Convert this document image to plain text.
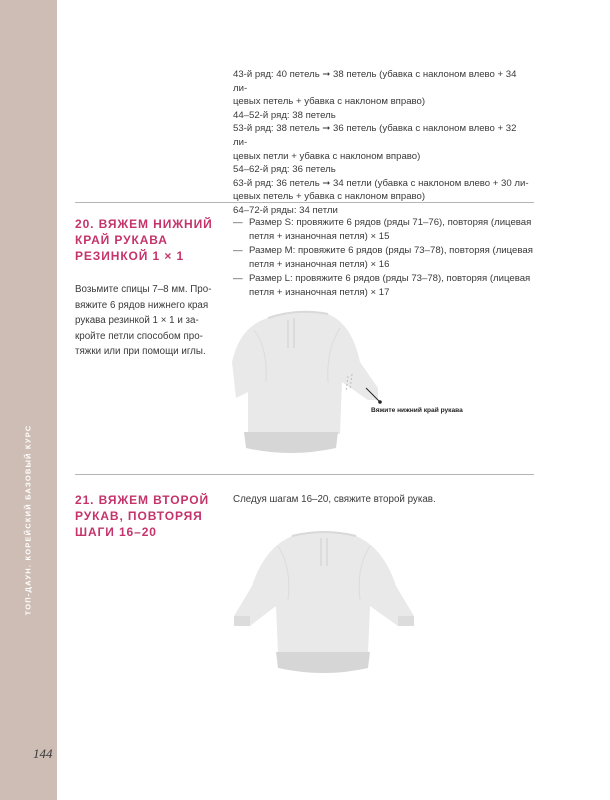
ТОП-ДАУН. КОРЕЙСКИЙ БАЗОВЫЙ КУРС
144
43-й ряд: 40 петель ➞ 38 петель (убавка с наклоном влево + 34 ли-
цевых петель + убавка с наклоном вправо)
44–52-й ряд: 38 петель
53-й ряд: 38 петель ➞ 36 петель (убавка с наклоном влево + 32 ли-
цевых петли + убавка с наклоном вправо)
54–62-й ряд: 36 петель
63-й ряд: 36 петель ➞ 34 петли (убавка с наклоном влево + 30 ли-
цевых петель + убавка с наклоном вправо)
64–72-й ряды: 34 петли
20. ВЯЖЕМ НИЖНИЙ
КРАЙ РУКАВА
РЕЗИНКОЙ 1 × 1
Возьмите спицы 7–8 мм. Про-
вяжите 6 рядов нижнего края
рукава резинкой 1 × 1 и за-
кройте петли способом про-
тяжки или при помощи иглы.
— Размер S: провяжите 6 рядов (ряды 71–76), повторяя (лицевая
петля + изнаночная петля) × 15
— Размер M: провяжите 6 рядов (ряды 73–78), повторяя (лицевая
петля + изнаночная петля) × 16
— Размер L: провяжите 6 рядов (ряды 73–78), повторяя (лицевая
петля + изнаночная петля) × 17
Вяжите нижний край рукава
21. ВЯЖЕМ ВТОРОЙ
РУКАВ, ПОВТОРЯЯ
ШАГИ 16–20
Следуя шагам 16–20, свяжите второй рукав.
